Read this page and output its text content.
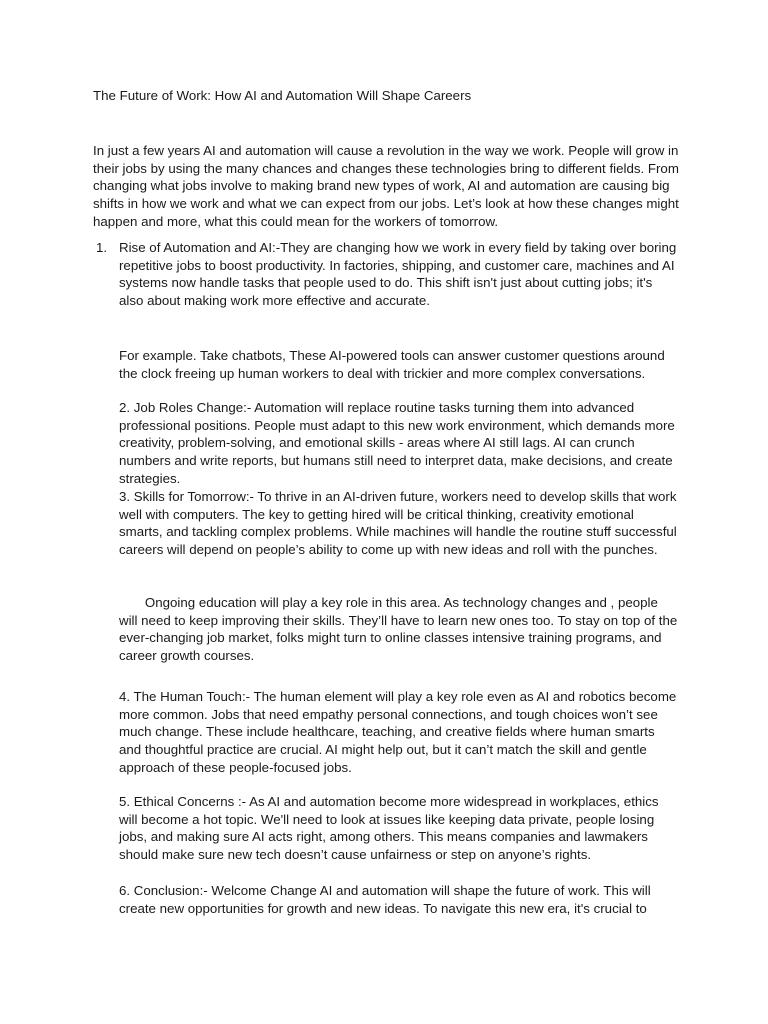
The Future of Work: How AI and Automation Will Shape Careers
In just a few years AI and automation will cause a revolution in the way we work. People will grow in their jobs by using the many chances and changes these technologies bring to different fields. From changing what jobs involve to making brand new types of work, AI and automation are causing big shifts in how we work and what we can expect from our jobs. Let’s look at how these changes might happen and more, what this could mean for the workers of tomorrow.
1. Rise of Automation and AI:-They are changing how we work in every field by taking over boring repetitive jobs to boost productivity. In factories, shipping, and customer care, machines and AI systems now handle tasks that people used to do. This shift isn't just about cutting jobs; it's also about making work more effective and accurate.
For example. Take chatbots, These AI-powered tools can answer customer questions around the clock freeing up human workers to deal with trickier and more complex conversations.
2. Job Roles Change:- Automation will replace routine tasks turning them into advanced professional positions. People must adapt to this new work environment, which demands more creativity, problem-solving, and emotional skills - areas where AI still lags. AI can crunch numbers and write reports, but humans still need to interpret data, make decisions, and create strategies.
3. Skills for Tomorrow:- To thrive in an AI-driven future, workers need to develop skills that work well with computers. The key to getting hired will be critical thinking, creativity emotional smarts, and tackling complex problems. While machines will handle the routine stuff successful careers will depend on people’s ability to come up with new ideas and roll with the punches.
Ongoing education will play a key role in this area. As technology changes and , people will need to keep improving their skills. They’ll have to learn new ones too. To stay on top of the ever-changing job market, folks might turn to online classes intensive training programs, and career growth courses.
4. The Human Touch:- The human element will play a key role even as AI and robotics become more common. Jobs that need empathy personal connections, and tough choices won’t see much change. These include healthcare, teaching, and creative fields where human smarts and thoughtful practice are crucial. AI might help out, but it can’t match the skill and gentle approach of these people-focused jobs.
5. Ethical Concerns :- As AI and automation become more widespread in workplaces, ethics will become a hot topic. We'll need to look at issues like keeping data private, people losing jobs, and making sure AI acts right, among others. This means companies and lawmakers should make sure new tech doesn’t cause unfairness or step on anyone’s rights.
6. Conclusion:- Welcome Change AI and automation will shape the future of work. This will create new opportunities for growth and new ideas. To navigate this new era, it's crucial to
